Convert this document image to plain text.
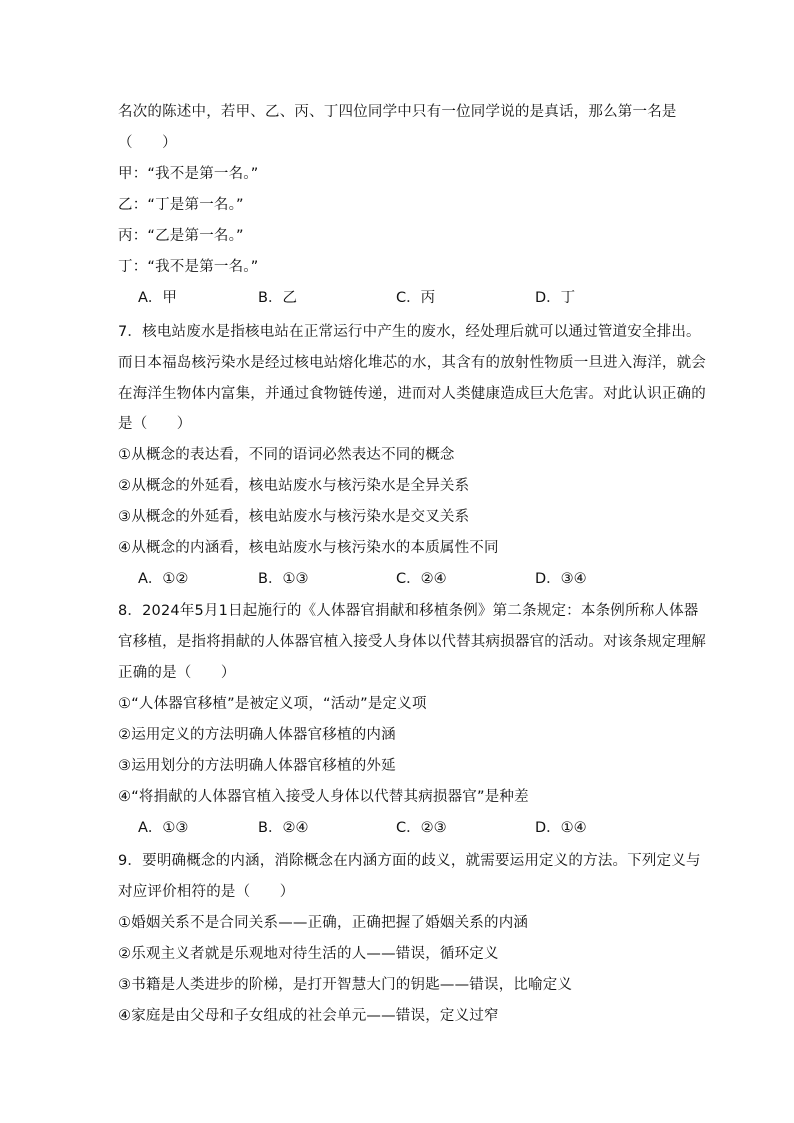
名次的陈述中，若甲、乙、丙、丁四位同学中只有一位同学说的是真话，那么第一名是
（　　）
甲：“我不是第一名。”
乙：“丁是第一名。”
丙：“乙是第一名。”
丁：“我不是第一名。”
A．甲	B．乙	C．丙	D．丁
7．核电站废水是指核电站在正常运行中产生的废水，经处理后就可以通过管道安全排出。
而日本福岛核污染水是经过核电站熔化堆芯的水，其含有的放射性物质一旦进入海洋，就会
在海洋生物体内富集，并通过食物链传递，进而对人类健康造成巨大危害。对此认识正确的
是（　　）
①从概念的表达看，不同的语词必然表达不同的概念
②从概念的外延看，核电站废水与核污染水是全异关系
③从概念的外延看，核电站废水与核污染水是交叉关系
④从概念的内涵看，核电站废水与核污染水的本质属性不同
A．①②	B．①③	C．②④	D．③④
8．2024年5月1日起施行的《人体器官捐献和移植条例》第二条规定：本条例所称人体器
官移植，是指将捐献的人体器官植入接受人身体以代替其病损器官的活动。对该条规定理解
正确的是（　　）
①“人体器官移植”是被定义项，“活动”是定义项
②运用定义的方法明确人体器官移植的内涵
③运用划分的方法明确人体器官移植的外延
④“将捐献的人体器官植入接受人身体以代替其病损器官”是种差
A．①③	B．②④	C．②③	D．①④
9．要明确概念的内涵，消除概念在内涵方面的歧义，就需要运用定义的方法。下列定义与
对应评价相符的是（　　）
①婚姻关系不是合同关系——正确，正确把握了婚姻关系的内涵
②乐观主义者就是乐观地对待生活的人——错误，循环定义
③书籍是人类进步的阶梯，是打开智慧大门的钥匙——错误，比喻定义
④家庭是由父母和子女组成的社会单元——错误，定义过窄
